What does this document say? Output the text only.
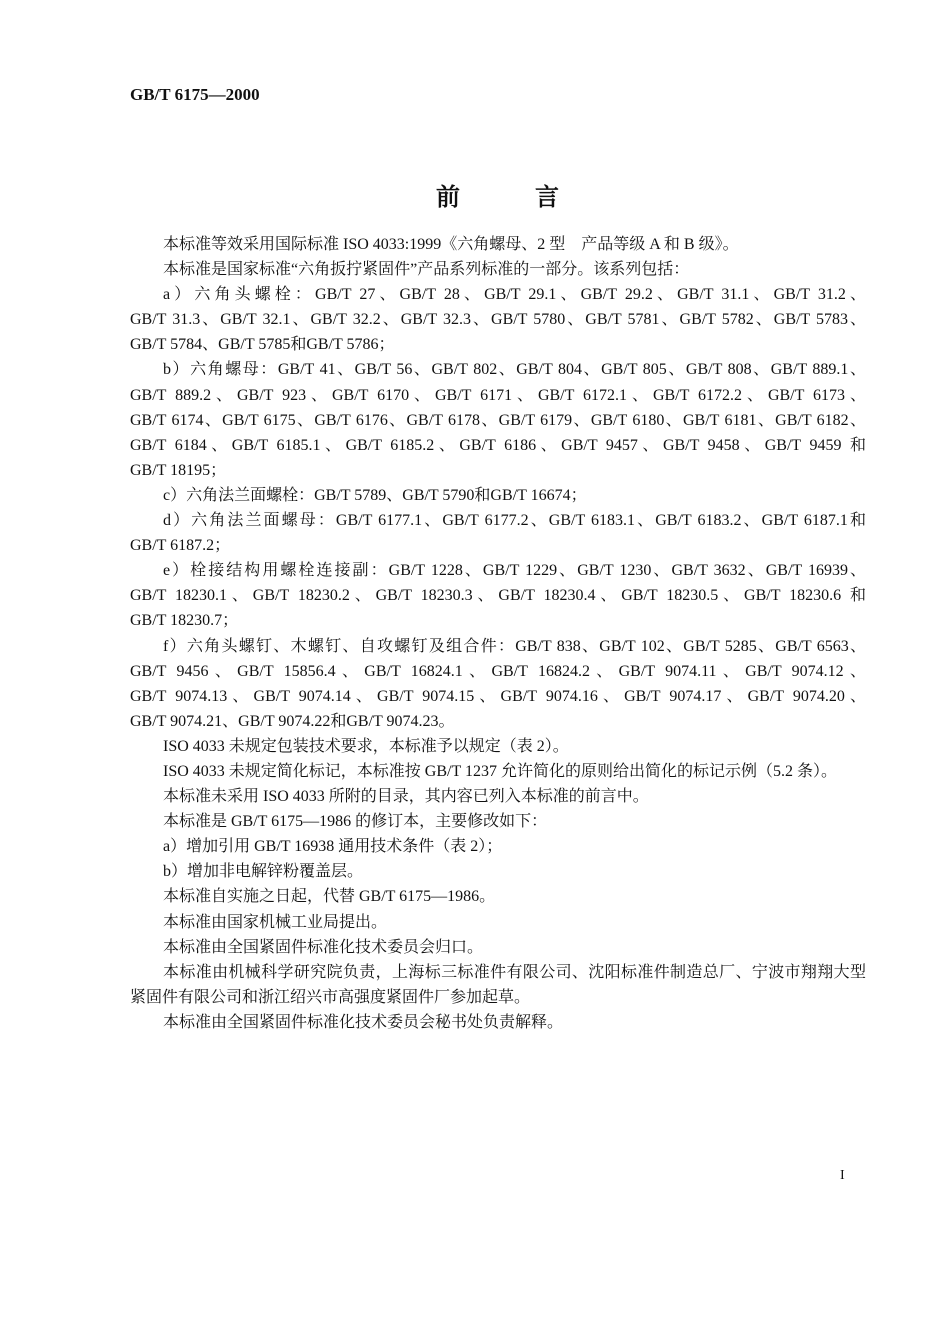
GB/T 6175—2000
前　言
本标准等效采用国际标准 ISO 4033:1999《六角螺母、2 型　产品等级 A 和 B 级》。
本标准是国家标准“六角扳拧紧固件”产品系列标准的一部分。该系列包括：
a）六角头螺栓：GB/T 27、GB/T 28、GB/T 29.1、GB/T 29.2、GB/T 31.1、GB/T 31.2、
GB/T 31.3、GB/T 32.1、GB/T 32.2、GB/T 32.3、GB/T 5780、GB/T 5781、GB/T 5782、GB/T 5783、
GB/T 5784、GB/T 5785和GB/T 5786；
b）六角螺母：GB/T 41、GB/T 56、GB/T 802、GB/T 804、GB/T 805、GB/T 808、GB/T 889.1、
GB/T 889.2、GB/T 923、GB/T 6170、GB/T 6171、GB/T 6172.1、GB/T 6172.2、GB/T 6173、
GB/T 6174、GB/T 6175、GB/T 6176、GB/T 6178、GB/T 6179、GB/T 6180、GB/T 6181、GB/T 6182、
GB/T 6184、GB/T 6185.1、GB/T 6185.2、GB/T 6186、GB/T 9457、GB/T 9458、GB/T 9459 和
GB/T 18195；
c）六角法兰面螺栓：GB/T 5789、GB/T 5790和GB/T 16674；
d）六角法兰面螺母：GB/T 6177.1、GB/T 6177.2、GB/T 6183.1、GB/T 6183.2、GB/T 6187.1和
GB/T 6187.2；
e）栓接结构用螺栓连接副：GB/T 1228、GB/T 1229、GB/T 1230、GB/T 3632、GB/T 16939、
GB/T 18230.1、GB/T 18230.2、GB/T 18230.3、GB/T 18230.4、GB/T 18230.5、GB/T 18230.6 和
GB/T 18230.7；
f）六角头螺钉、木螺钉、自攻螺钉及组合件：GB/T 838、GB/T 102、GB/T 5285、GB/T 6563、
GB/T 9456、GB/T 15856.4、GB/T 16824.1、GB/T 16824.2、GB/T 9074.11、GB/T 9074.12、
GB/T 9074.13、GB/T 9074.14、GB/T 9074.15、GB/T 9074.16、GB/T 9074.17、GB/T 9074.20、
GB/T 9074.21、GB/T 9074.22和GB/T 9074.23。
ISO 4033 未规定包装技术要求，本标准予以规定（表 2）。
ISO 4033 未规定简化标记，本标准按 GB/T 1237 允许简化的原则给出简化的标记示例（5.2 条）。
本标准未采用 ISO 4033 所附的目录，其内容已列入本标准的前言中。
本标准是 GB/T 6175—1986 的修订本，主要修改如下：
a）增加引用 GB/T 16938 通用技术条件（表 2）；
b）增加非电解锌粉覆盖层。
本标准自实施之日起，代替 GB/T 6175—1986。
本标准由国家机械工业局提出。
本标准由全国紧固件标准化技术委员会归口。
本标准由机械科学研究院负责，上海标三标准件有限公司、沈阳标准件制造总厂、宁波市翔翔大型
紧固件有限公司和浙江绍兴市高强度紧固件厂参加起草。
本标准由全国紧固件标准化技术委员会秘书处负责解释。
I
